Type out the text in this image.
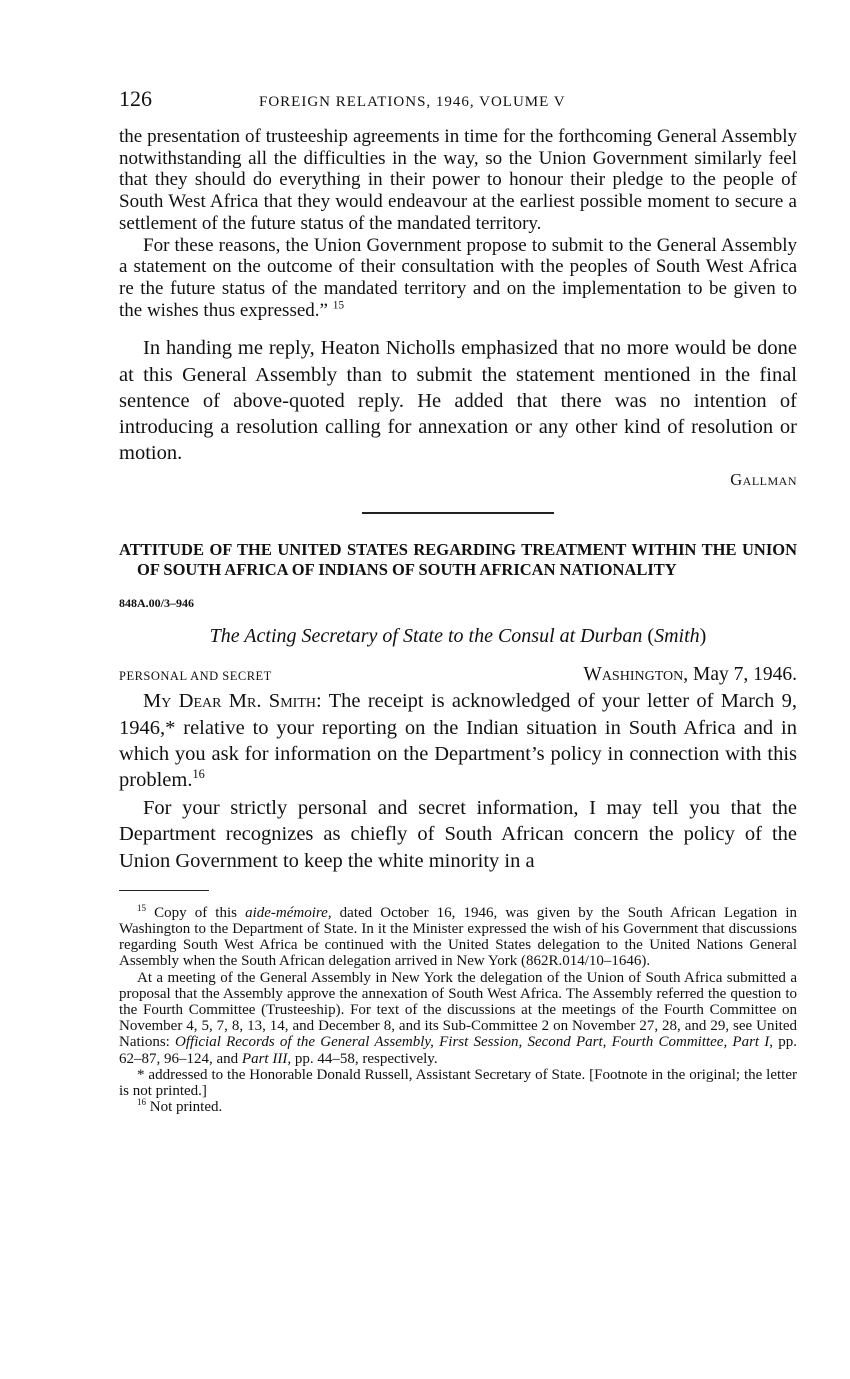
126	FOREIGN RELATIONS, 1946, VOLUME V

the presentation of trusteeship agreements in time for the forthcoming General Assembly notwithstanding all the difficulties in the way, so the Union Government similarly feel that they should do everything in their power to honour their pledge to the people of South West Africa that they would endeavour at the earliest possible moment to secure a settlement of the future status of the mandated territory.

For these reasons, the Union Government propose to submit to the General Assembly a statement on the outcome of their consultation with the peoples of South West Africa re the future status of the mandated territory and on the implementation to be given to the wishes thus expressed.” $^{15}$

In handing me reply, Heaton Nicholls emphasized that no more would be done at this General Assembly than to submit the statement mentioned in the final sentence of above-quoted reply. He added that there was no intention of introducing a resolution calling for annexation or any other kind of resolution or motion.

Gallman
ATTITUDE OF THE UNITED STATES REGARDING TREATMENT WITHIN THE UNION OF SOUTH AFRICA OF INDIANS OF SOUTH AFRICAN NATIONALITY
848A.00/3–946
The Acting Secretary of State to the Consul at Durban (Smith)
PERSONAL AND SECRET	Washington, May 7, 1946.

My Dear Mr. Smith: The receipt is acknowledged of your letter of March 9, 1946,* relative to your reporting on the Indian situation in South Africa and in which you ask for information on the Department’s policy in connection with this problem.$^{16}$

For your strictly personal and secret information, I may tell you that the Department recognizes as chiefly of South African concern the policy of the Union Government to keep the white minority in a

$^{15}$ Copy of this aide-mémoire, dated October 16, 1946, was given by the South African Legation in Washington to the Department of State. In it the Minister expressed the wish of his Government that discussions regarding South West Africa be continued with the United States delegation to the United Nations General Assembly when the South African delegation arrived in New York (862R.014/10–1646).

At a meeting of the General Assembly in New York the delegation of the Union of South Africa submitted a proposal that the Assembly approve the annexation of South West Africa. The Assembly referred the question to the Fourth Committee (Trusteeship). For text of the discussions at the meetings of the Fourth Committee on November 4, 5, 7, 8, 13, 14, and December 8, and its Sub-Committee 2 on November 27, 28, and 29, see United Nations: Official Records of the General Assembly, First Session, Second Part, Fourth Committee, Part I, pp. 62–87, 96–124, and Part III, pp. 44–58, respectively.

* addressed to the Honorable Donald Russell, Assistant Secretary of State. [Footnote in the original; the letter is not printed.]

$^{16}$ Not printed.
